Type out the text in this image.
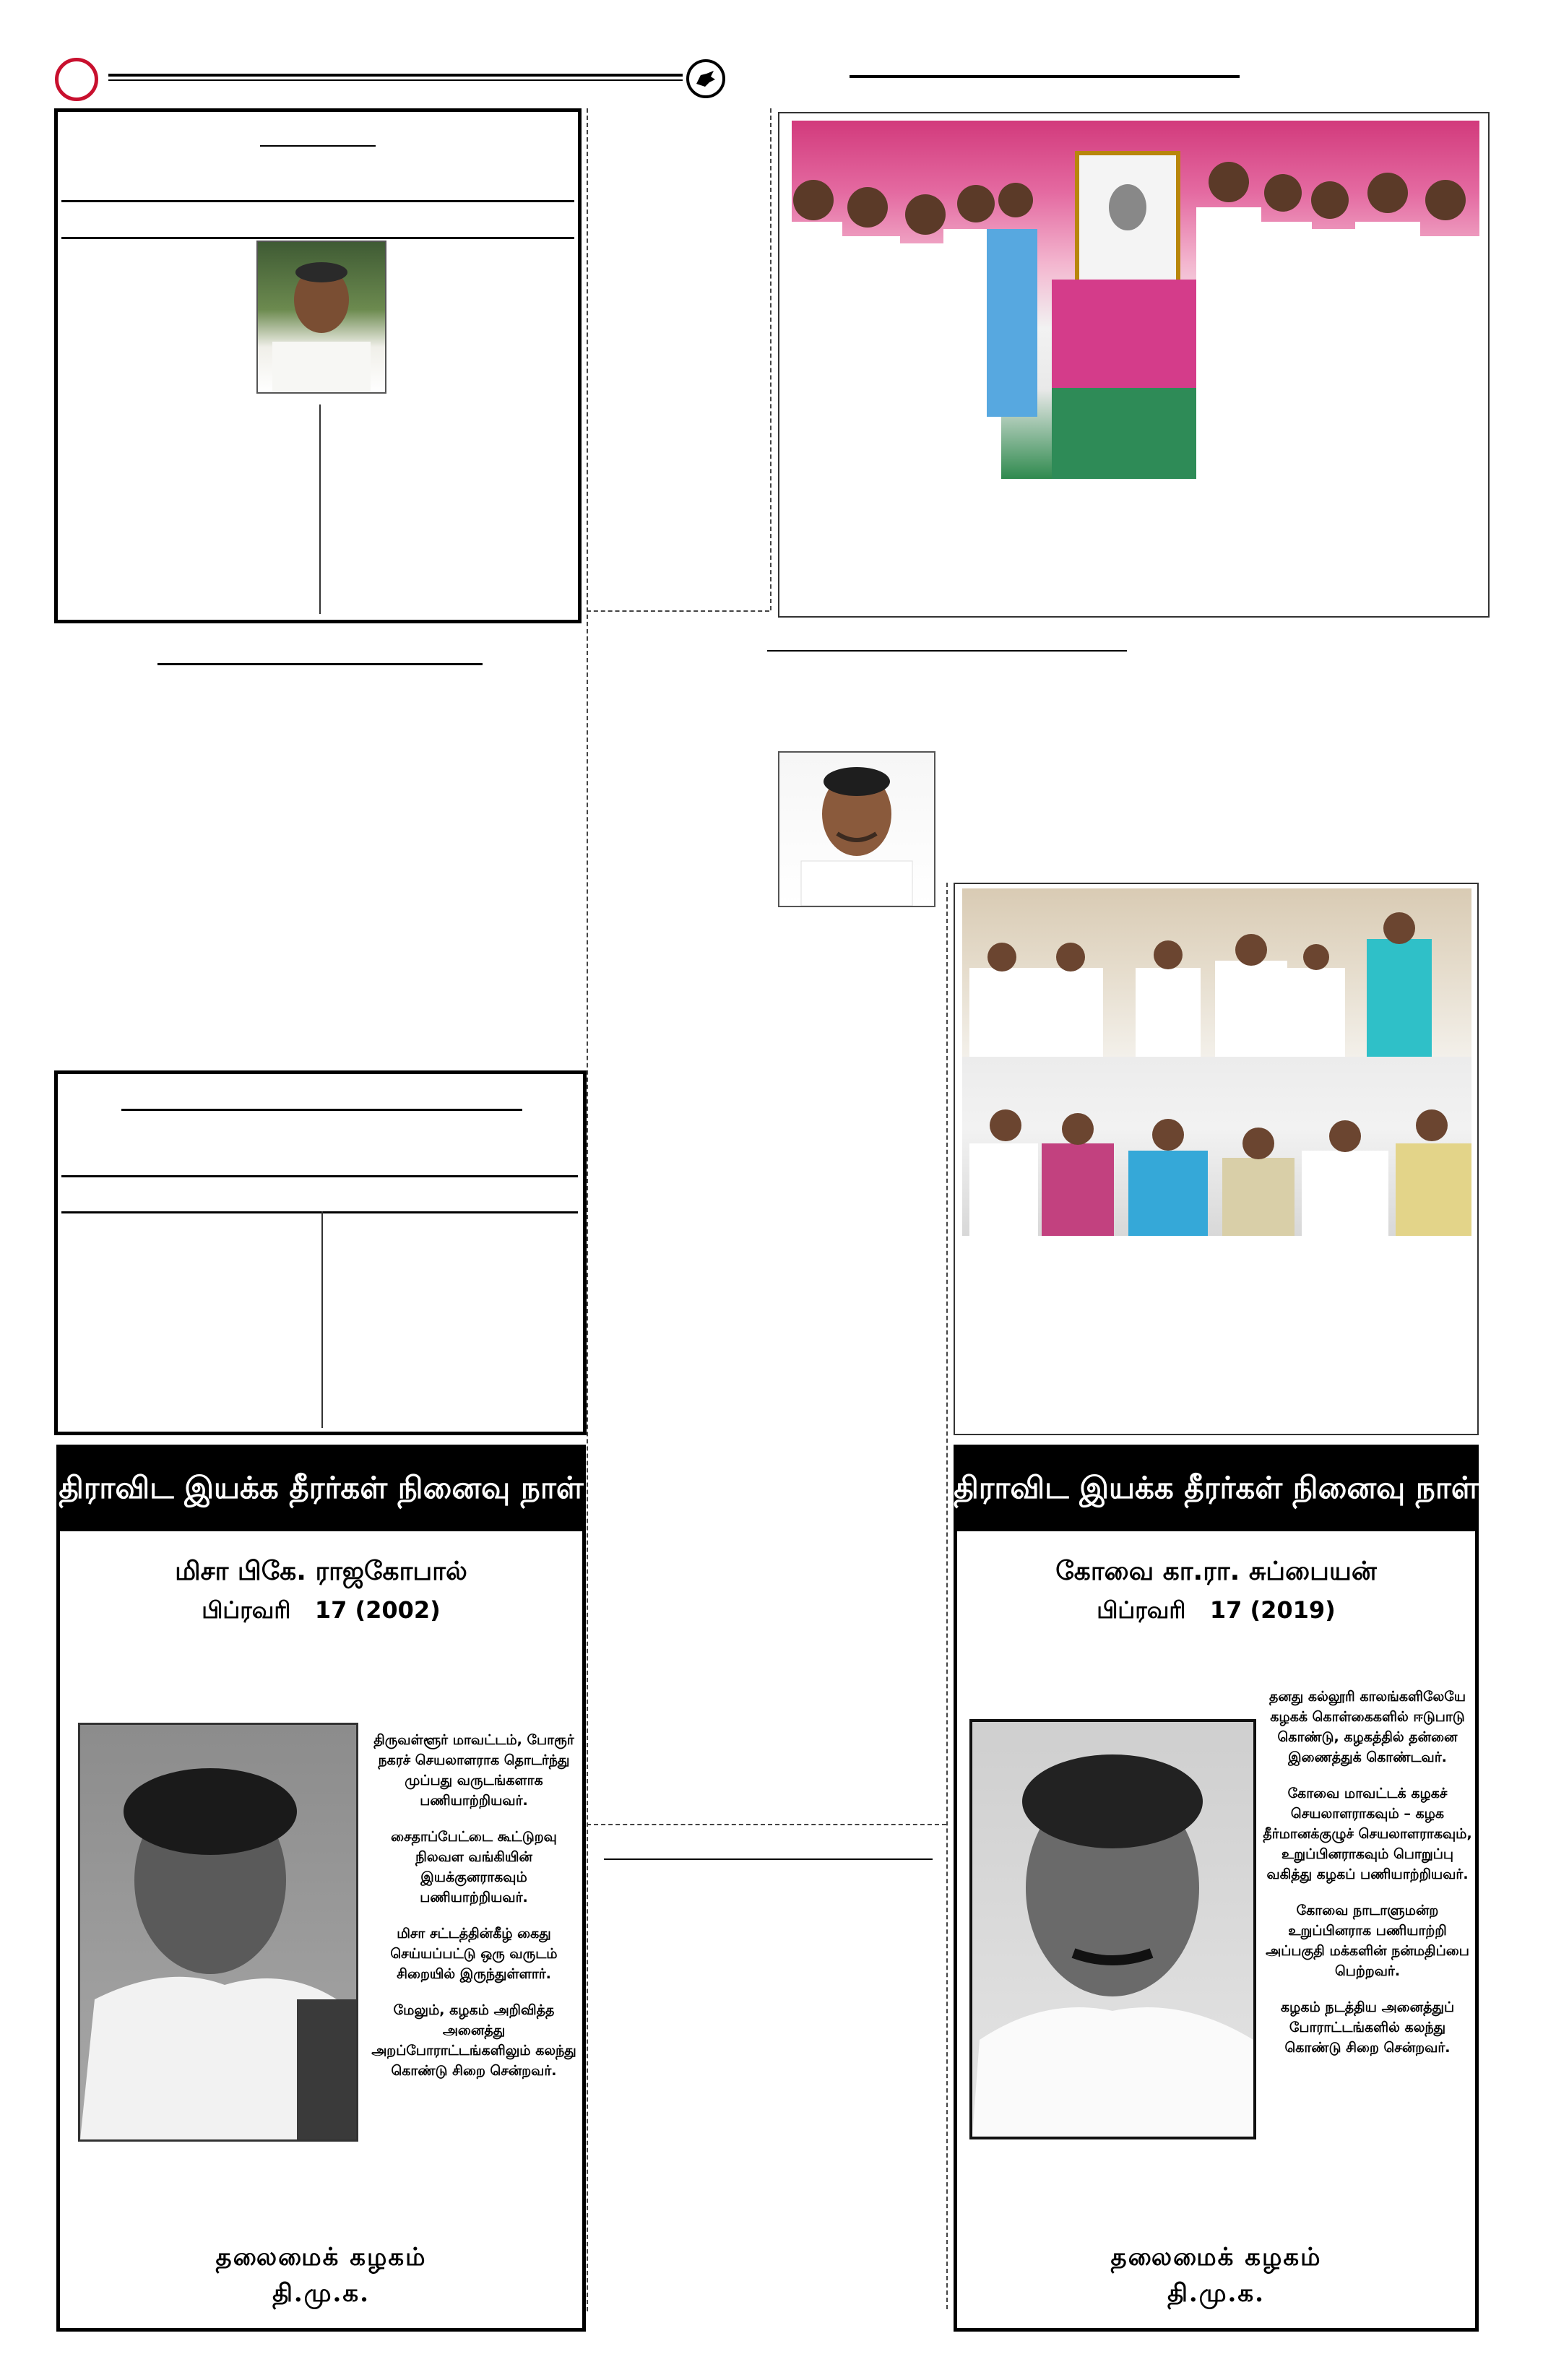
திராவிட இயக்க தீரர்கள் நினைவு நாள்
மிசா பிகே. ராஜகோபால்
பிப்ரவரி   17 (2002)

திருவள்ளூர் மாவட்டம், போரூர் நகரச் செயலாளராக தொடர்ந்து முப்பது வருடங்களாக பணியாற்றியவர்.

சைதாப்பேட்டை கூட்டுறவு நிலவள வங்கியின் இயக்குனராகவும் பணியாற்றியவர்.

மிசா சட்டத்தின்கீழ் கைது செய்யப்பட்டு ஒரு வருடம் சிறையில் இருந்துள்ளார்.

மேலும், கழகம் அறிவித்த அனைத்து அறப்போராட்டங்களிலும் கலந்து கொண்டு சிறை சென்றவர்.

தலைமைக் கழகம்
தி.மு.க.
திராவிட இயக்க தீரர்கள் நினைவு நாள்
கோவை கா.ரா. சுப்பையன்
பிப்ரவரி   17 (2019)

தனது கல்லூரி காலங்களிலேயே கழகக் கொள்கைகளில் ஈடுபாடு கொண்டு, கழகத்தில் தன்னை இணைத்துக் கொண்டவர்.

கோவை மாவட்டக் கழகச் செயலாளராகவும் – கழக தீர்மானக்குழுச் செயலாளராகவும், உறுப்பினராகவும் பொறுப்பு வகித்து கழகப் பணியாற்றியவர்.

கோவை நாடாளுமன்ற உறுப்பினராக பணியாற்றி அப்பகுதி மக்களின் நன்மதிப்பை பெற்றவர்.

கழகம் நடத்திய அனைத்துப் போராட்டங்களில் கலந்து கொண்டு சிறை சென்றவர்.

தலைமைக் கழகம்
தி.மு.க.
